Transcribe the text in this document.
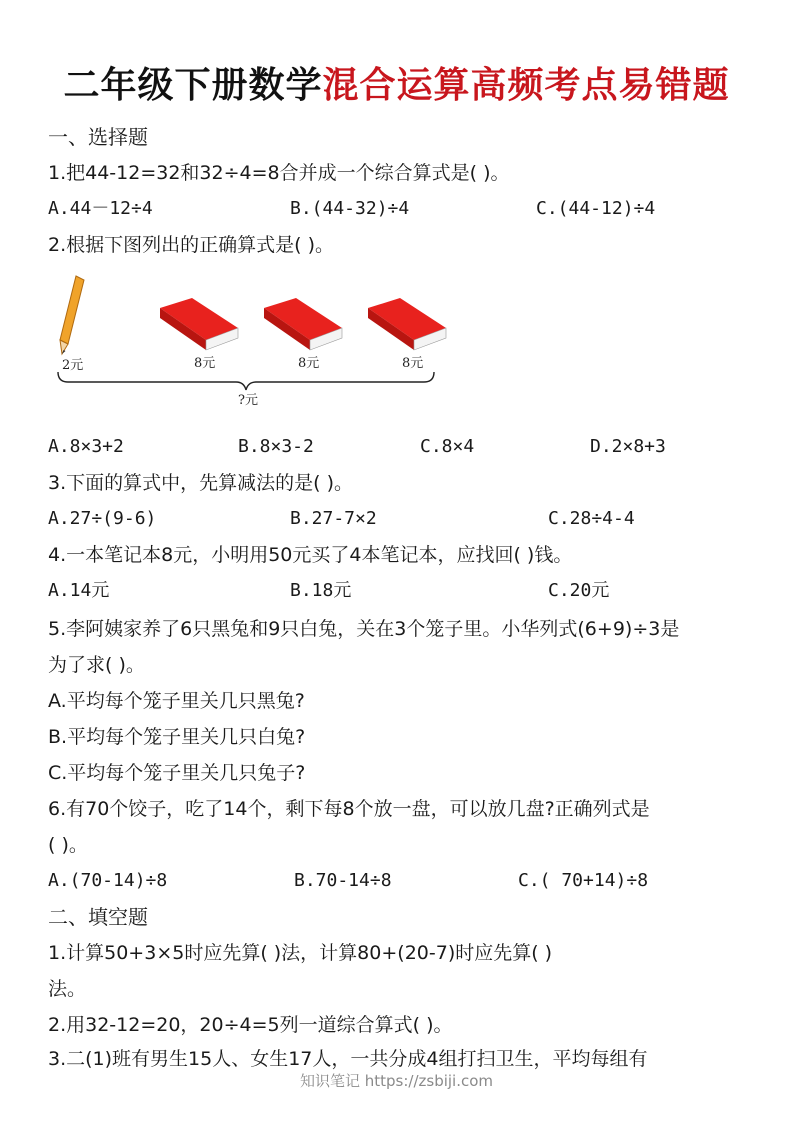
二年级下册数学混合运算高频考点易错题
一、选择题
1.把44-12=32和32÷4=8合并成一个综合算式是( )。
A.44－12÷4	B.(44-32)÷4	C.(44-12)÷4
2.根据下图列出的正确算式是( )。
2元	8元	8元	8元
?元
A.8×3+2	B.8×3-2	C.8×4	D.2×8+3
3.下面的算式中，先算减法的是( )。
A.27÷(9-6)	B.27-7×2	C.28÷4-4
4.一本笔记本8元，小明用50元买了4本笔记本，应找回( )钱。
A.14元	B.18元	C.20元
5.李阿姨家养了6只黑兔和9只白兔，关在3个笼子里。小华列式(6+9)÷3是
为了求( )。
A.平均每个笼子里关几只黑兔?
B.平均每个笼子里关几只白兔?
C.平均每个笼子里关几只兔子?
6.有70个饺子，吃了14个，剩下每8个放一盘，可以放几盘?正确列式是
( )。
A.(70-14)÷8	B.70-14÷8	C.( 70+14)÷8
二、填空题
1.计算50+3×5时应先算( )法，计算80+(20-7)时应先算( )
法。
2.用32-12=20，20÷4=5列一道综合算式( )。
3.二(1)班有男生15人、女生17人，一共分成4组打扫卫生，平均每组有
知识笔记 https://zsbiji.com
